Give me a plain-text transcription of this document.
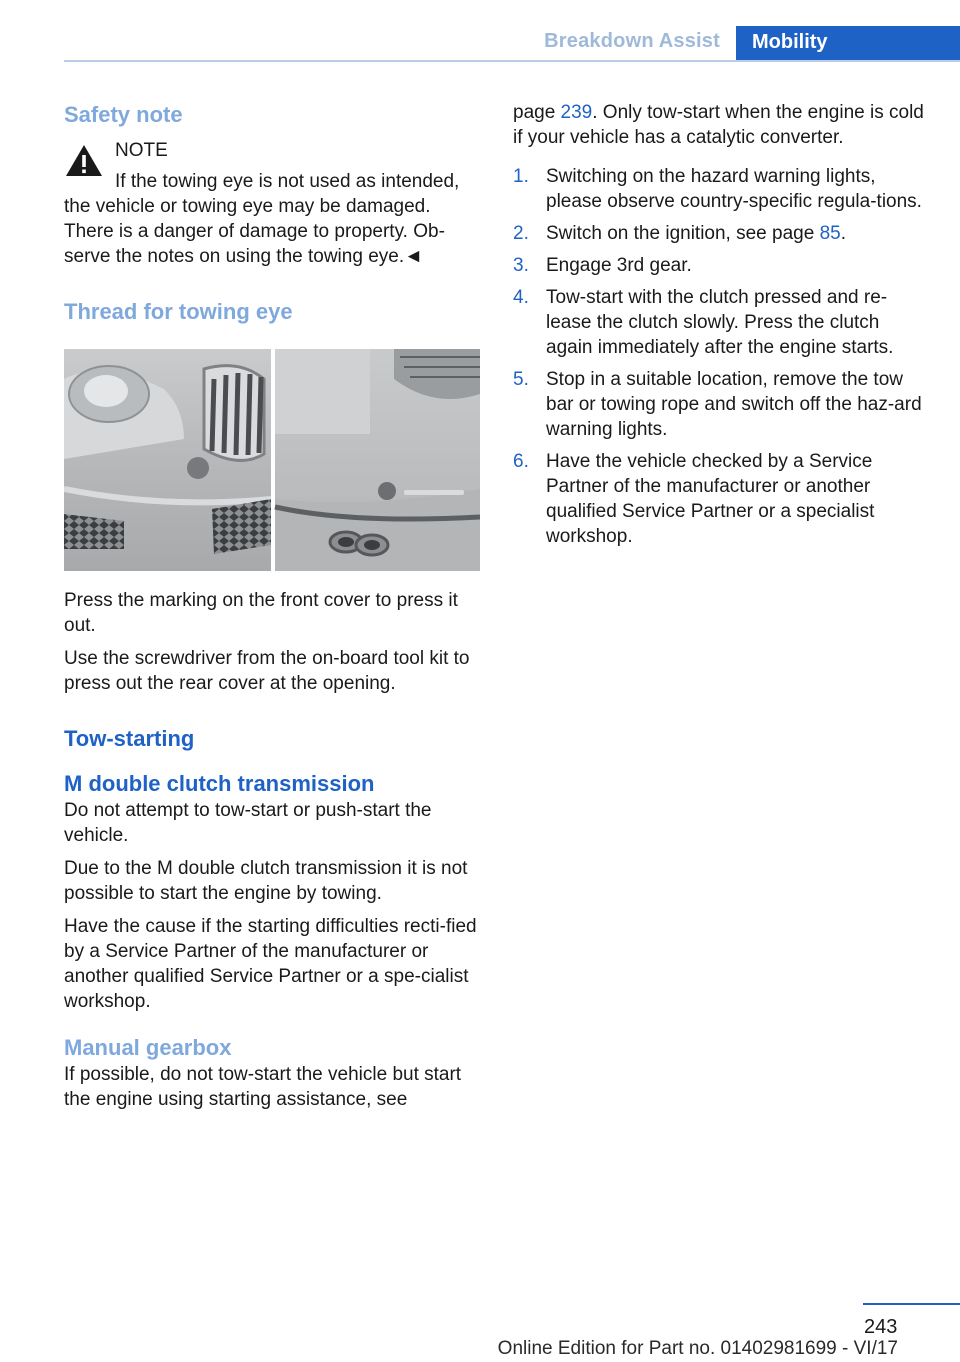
Breakdown Assist	Mobility
Safety note
NOTE
If the towing eye is not used as intended,
the vehicle or towing eye may be damaged. There is a danger of damage to property. Ob‐serve the notes on using the towing eye.◄
Thread for towing eye

Press the marking on the front cover to press it out.

Use the screwdriver from the on-board tool kit to press out the rear cover at the opening.

Tow-starting
M double clutch transmission

Do not attempt to tow-start or push-start the vehicle.

Due to the M double clutch transmission it is not possible to start the engine by towing.

Have the cause if the starting difficulties recti‐fied by a Service Partner of the manufacturer or another qualified Service Partner or a spe‐cialist workshop.

Manual gearbox

If possible, do not tow-start the vehicle but start the engine using starting assistance, see

page 239. Only tow-start when the engine is cold if your vehicle has a catalytic converter.

1. Switching on the hazard warning lights, please observe country-specific regula‐tions.
2. Switch on the ignition, see page 85.
3. Engage 3rd gear.
4. Tow-start with the clutch pressed and re‐lease the clutch slowly. Press the clutch again immediately after the engine starts.
5. Stop in a suitable location, remove the tow bar or towing rope and switch off the haz‐ard warning lights.
6. Have the vehicle checked by a Service Partner of the manufacturer or another qualified Service Partner or a specialist workshop.
243
Online Edition for Part no. 01402981699 - VI/17
